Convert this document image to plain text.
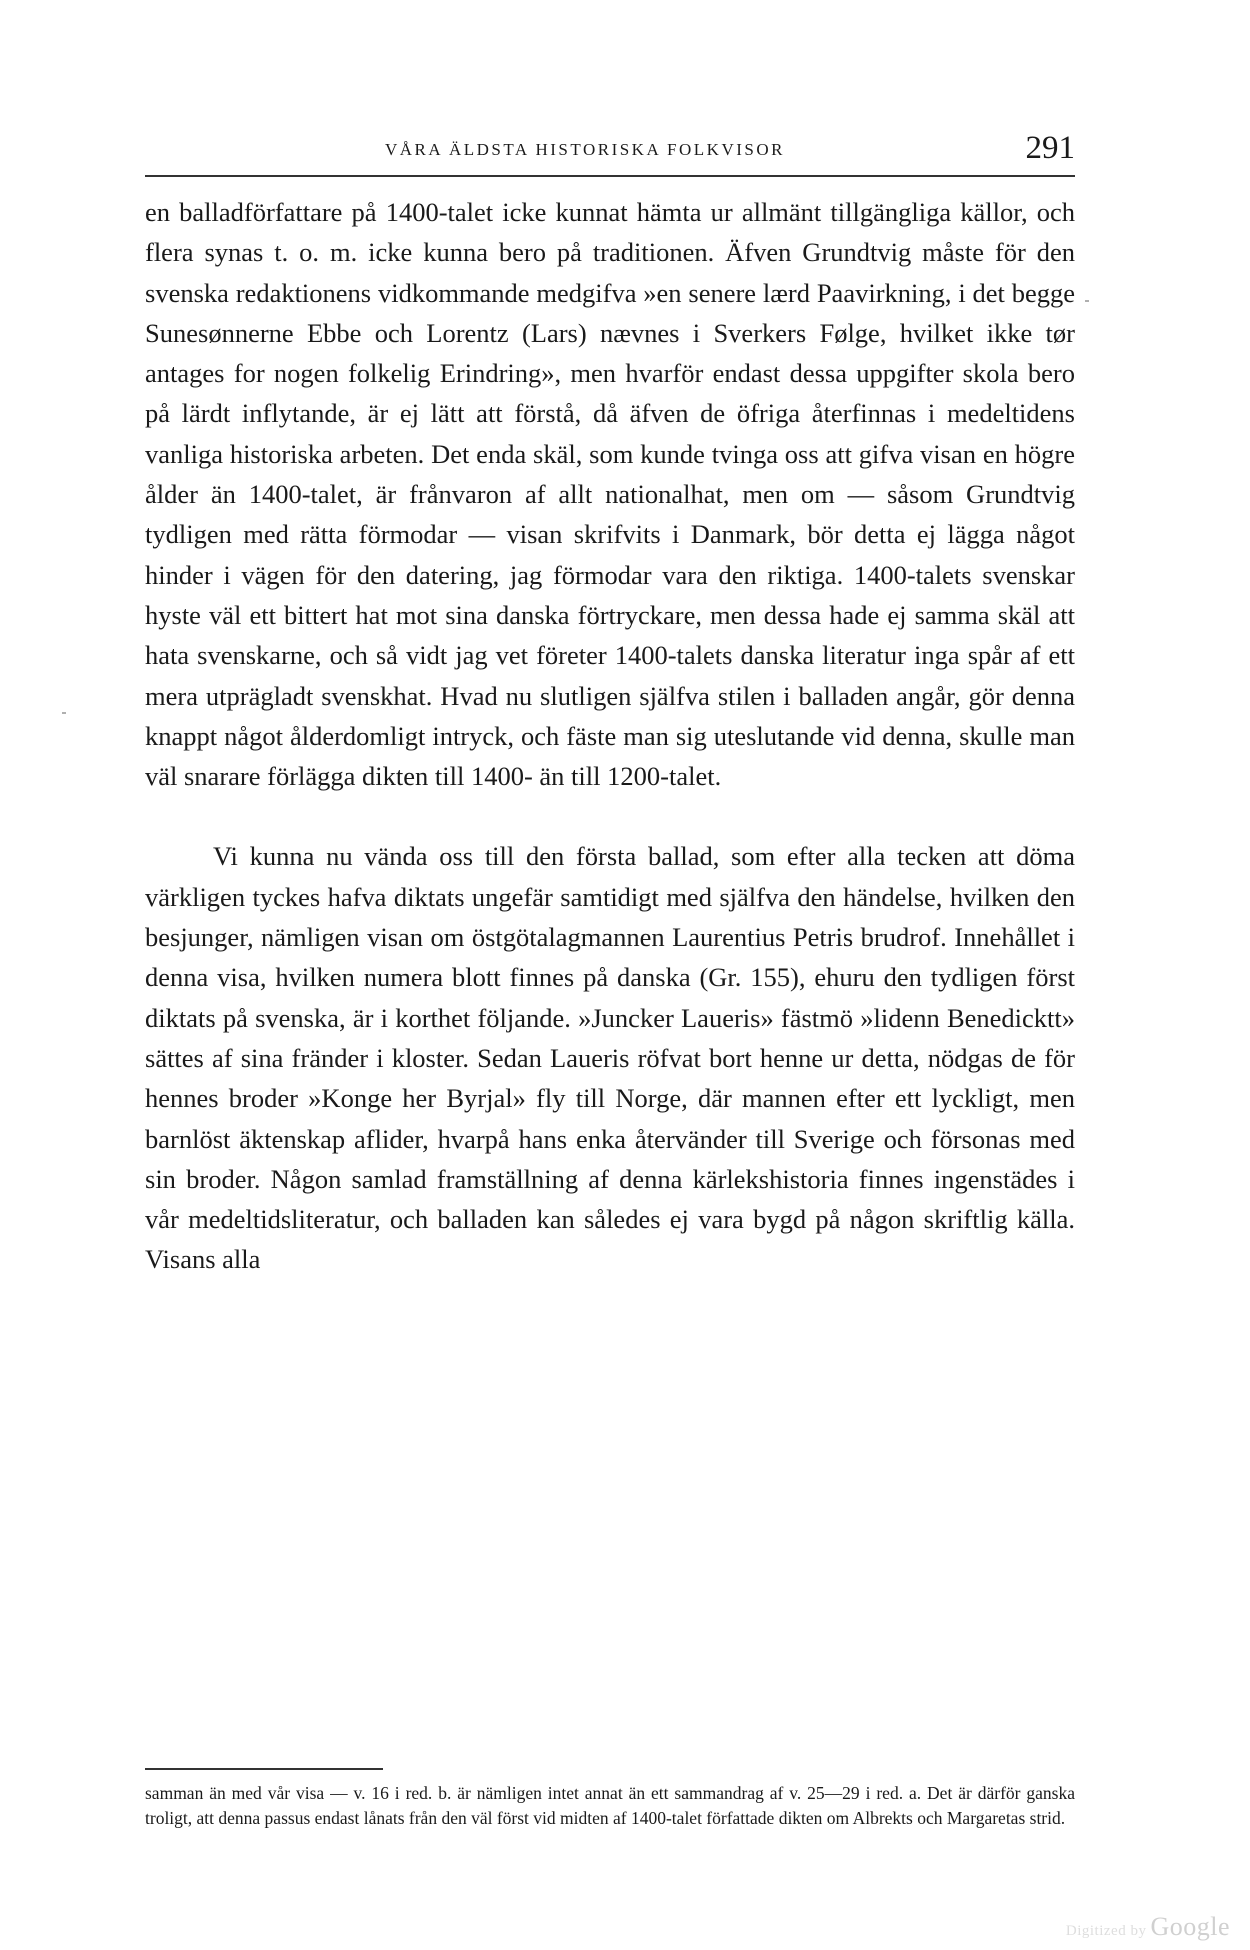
VÅRA ÄLDSTA HISTORISKA FOLKVISOR	291

en balladförfattare på 1400-talet icke kunnat hämta ur allmänt tillgängliga källor, och flera synas t. o. m. icke kunna bero på traditionen. Äfven Grundtvig måste för den svenska redaktionens vidkommande medgifva »en senere lærd Paavirkning, i det begge Sunesønnerne Ebbe och Lorentz (Lars) nævnes i Sverkers Følge, hvilket ikke tør antages for nogen folkelig Erindring», men hvarför endast dessa uppgifter skola bero på lärdt inflytande, är ej lätt att förstå, då äfven de öfriga återfinnas i medeltidens vanliga historiska arbeten. Det enda skäl, som kunde tvinga oss att gifva visan en högre ålder än 1400-talet, är frånvaron af allt nationalhat, men om — såsom Grundtvig tydligen med rätta förmodar — visan skrifvits i Danmark, bör detta ej lägga något hinder i vägen för den datering, jag förmodar vara den riktiga. 1400-talets svenskar hyste väl ett bittert hat mot sina danska förtryckare, men dessa hade ej samma skäl att hata svenskarne, och så vidt jag vet företer 1400-talets danska literatur inga spår af ett mera utprägladt svenskhat. Hvad nu slutligen själfva stilen i balladen angår, gör denna knappt något ålderdomligt intryck, och fäste man sig uteslutande vid denna, skulle man väl snarare förlägga dikten till 1400- än till 1200-talet.

Vi kunna nu vända oss till den första ballad, som efter alla tecken att döma värkligen tyckes hafva diktats ungefär samtidigt med själfva den händelse, hvilken den besjunger, nämligen visan om östgötalagmannen Laurentius Petris brudrof. Innehållet i denna visa, hvilken numera blott finnes på danska (Gr. 155), ehuru den tydligen först diktats på svenska, är i korthet följande. »Juncker Laueris» fästmö »lidenn Benedicktt» sättes af sina fränder i kloster. Sedan Laueris röfvat bort henne ur detta, nödgas de för hennes broder »Konge her Byrjal» fly till Norge, där mannen efter ett lyckligt, men barnlöst äktenskap aflider, hvarpå hans enka återvänder till Sverige och försonas med sin broder. Någon samlad framställning af denna kärlekshistoria finnes ingenstädes i vår medeltidsliteratur, och balladen kan således ej vara bygd på någon skriftlig källa. Visans alla

samman än med vår visa — v. 16 i red. b. är nämligen intet annat än ett sammandrag af v. 25—29 i red. a. Det är därför ganska troligt, att denna passus endast lånats från den väl först vid midten af 1400-talet författade dikten om Albrekts och Margaretas strid.

Digitized by Google
